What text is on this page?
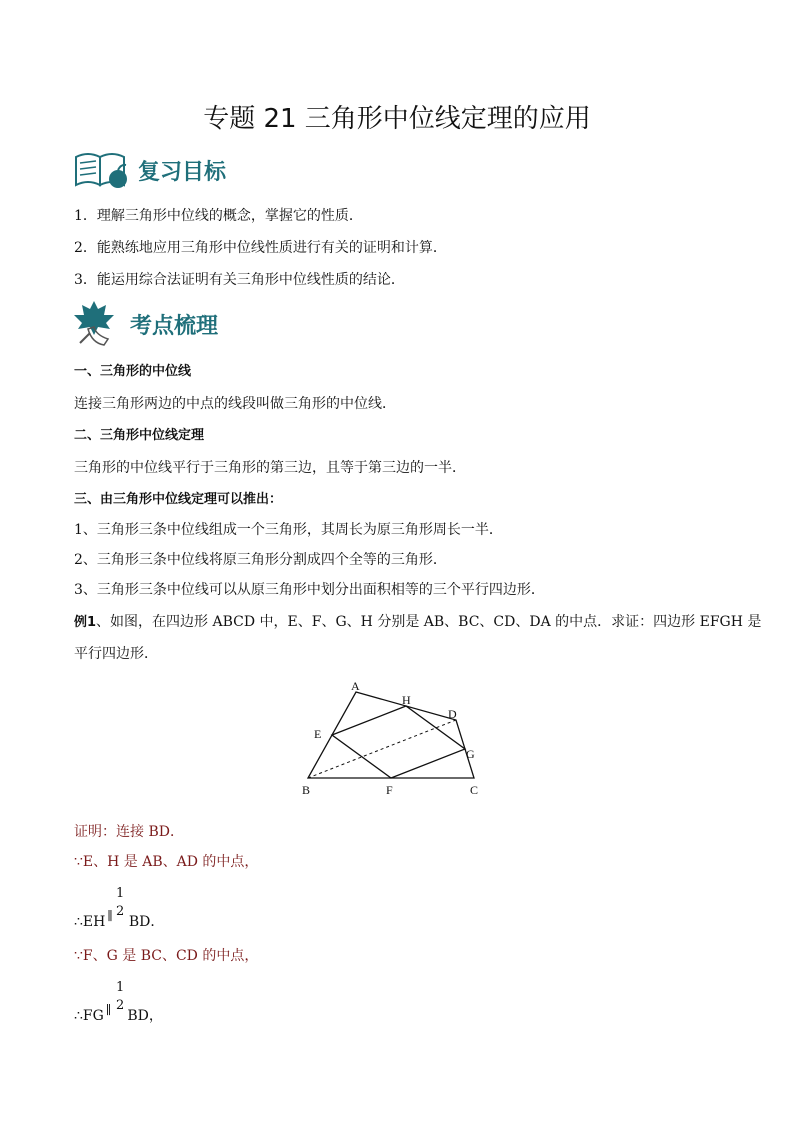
专题 21 三角形中位线定理的应用
复习目标
1．理解三角形中位线的概念，掌握它的性质．
2．能熟练地应用三角形中位线性质进行有关的证明和计算．
3．能运用综合法证明有关三角形中位线性质的结论．
考点梳理
一、三角形的中位线
连接三角形两边的中点的线段叫做三角形的中位线．
二、三角形中位线定理
三角形的中位线平行于三角形的第三边，且等于第三边的一半．
三、由三角形中位线定理可以推出：
1、三角形三条中位线组成一个三角形，其周长为原三角形周长一半．
2、三角形三条中位线将原三角形分割成四个全等的三角形．
3、三角形三条中位线可以从原三角形中划分出面积相等的三个平行四边形．
例1、如图，在四边形 ABCD 中，E、F、G、H 分别是 AB、BC、CD、DA 的中点．求证：四边形 EFGH 是
平行四边形．
A
H
D
E
G
B	F	C
证明：连接 BD．
∵E、H 是 AB、AD 的中点，
1
2
∴EH ∥ BD．
∵F、G 是 BC、CD 的中点，
1
2
∴FG ∥ BD，
